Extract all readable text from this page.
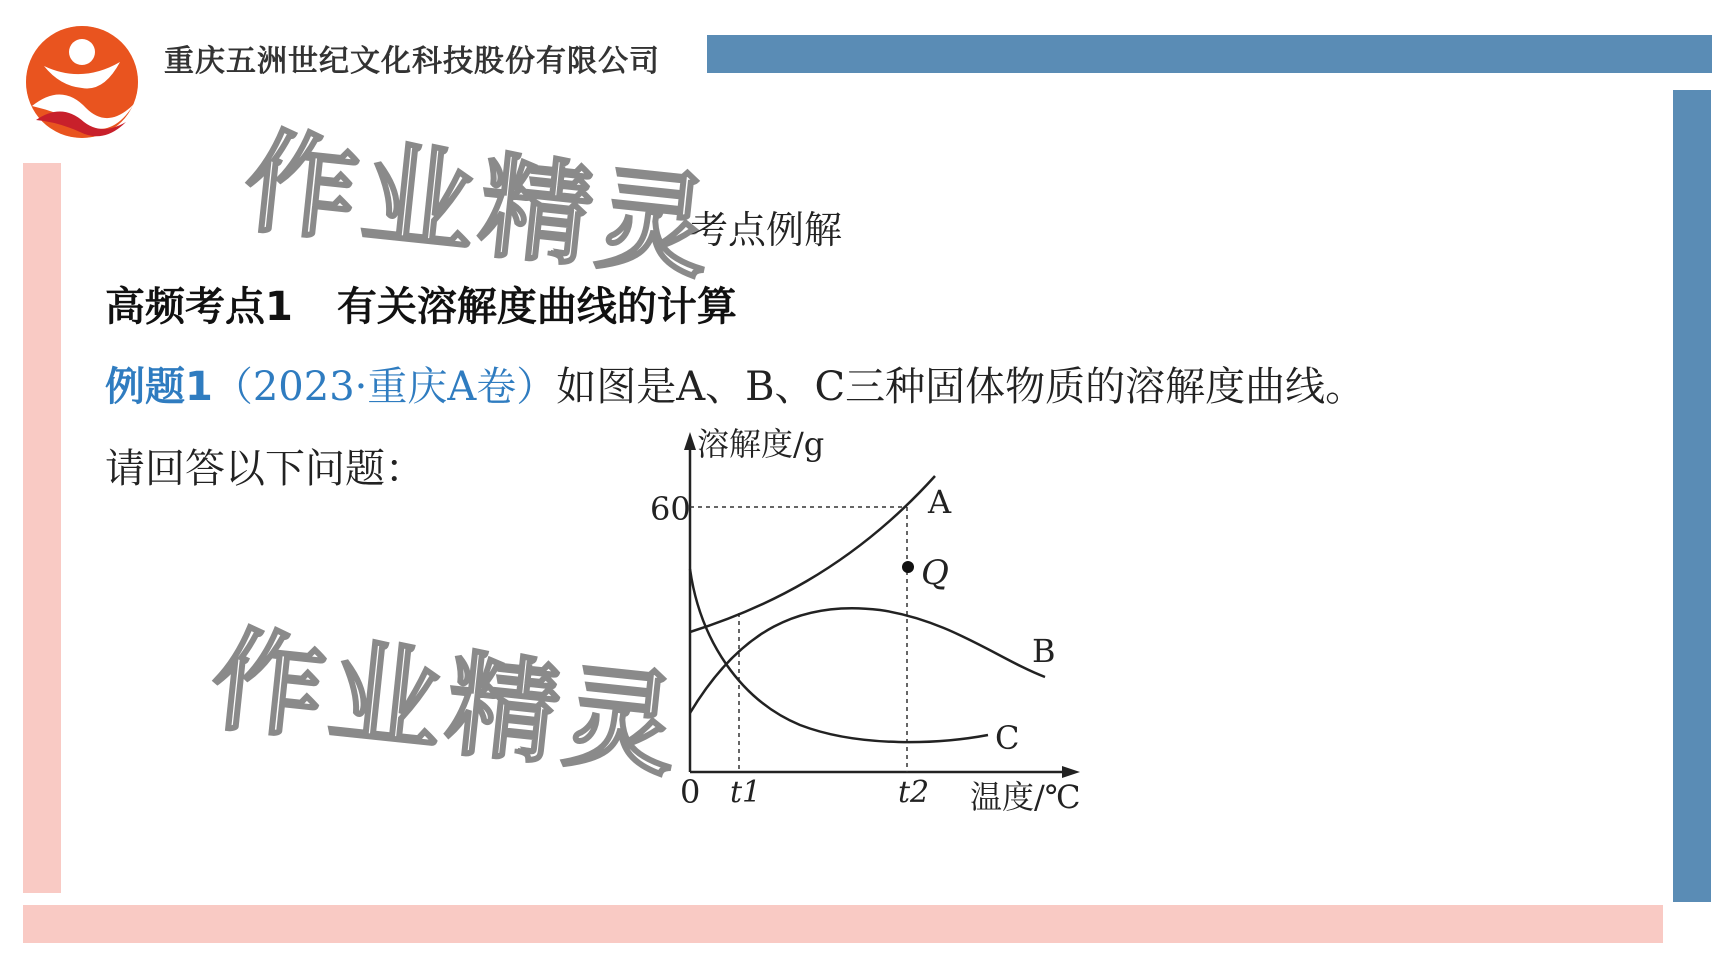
重庆五洲世纪文化科技股份有限公司
作业精灵
作业精灵
考点例解
高频考点1 有关溶解度曲线的计算
例题1（2023·重庆A卷）如图是A、B、C三种固体物质的溶解度曲线。
请回答以下问题：
溶解度/g
60
0 t1	t2 温度/℃
A
B
C
Q
